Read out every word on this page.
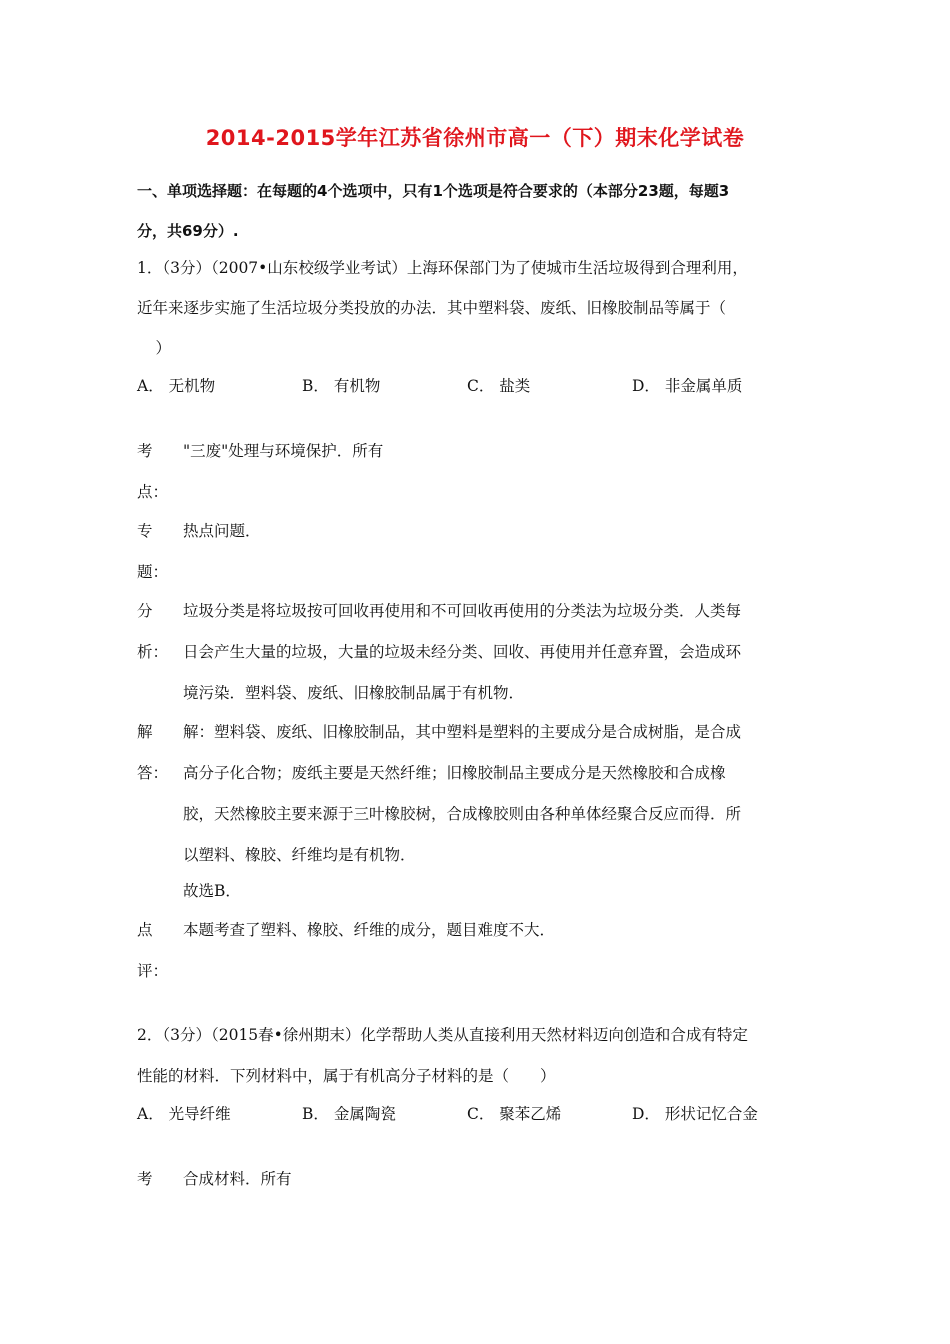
2014-2015学年江苏省徐州市高一（下）期末化学试卷
一、单项选择题：在每题的4个选项中，只有1个选项是符合要求的（本部分23题，每题3
分，共69分）.
1．（3分）（2007•山东校级学业考试）上海环保部门为了使城市生活垃圾得到合理利用，
近年来逐步实施了生活垃圾分类投放的办法．其中塑料袋、废纸、旧橡胶制品等属于（
　）
A． 无机物	B． 有机物	C． 盐类	D． 非金属单质
考
点：
"三废"处理与环境保护．所有
专
题：
热点问题．
分
析：
垃圾分类是将垃圾按可回收再使用和不可回收再使用的分类法为垃圾分类．人类每
日会产生大量的垃圾，大量的垃圾未经分类、回收、再使用并任意弃置，会造成环
境污染．塑料袋、废纸、旧橡胶制品属于有机物．
解
答：
解：塑料袋、废纸、旧橡胶制品，其中塑料是塑料的主要成分是合成树脂，是合成
高分子化合物；废纸主要是天然纤维；旧橡胶制品主要成分是天然橡胶和合成橡
胶，天然橡胶主要来源于三叶橡胶树，合成橡胶则由各种单体经聚合反应而得．所
以塑料、橡胶、纤维均是有机物．
故选B．
点
评：
本题考查了塑料、橡胶、纤维的成分，题目难度不大．
2．（3分）（2015春•徐州期末）化学帮助人类从直接利用天然材料迈向创造和合成有特定
性能的材料．下列材料中，属于有机高分子材料的是（　　）
A． 光导纤维	B． 金属陶瓷	C． 聚苯乙烯	D． 形状记忆合金
考 合成材料．所有
